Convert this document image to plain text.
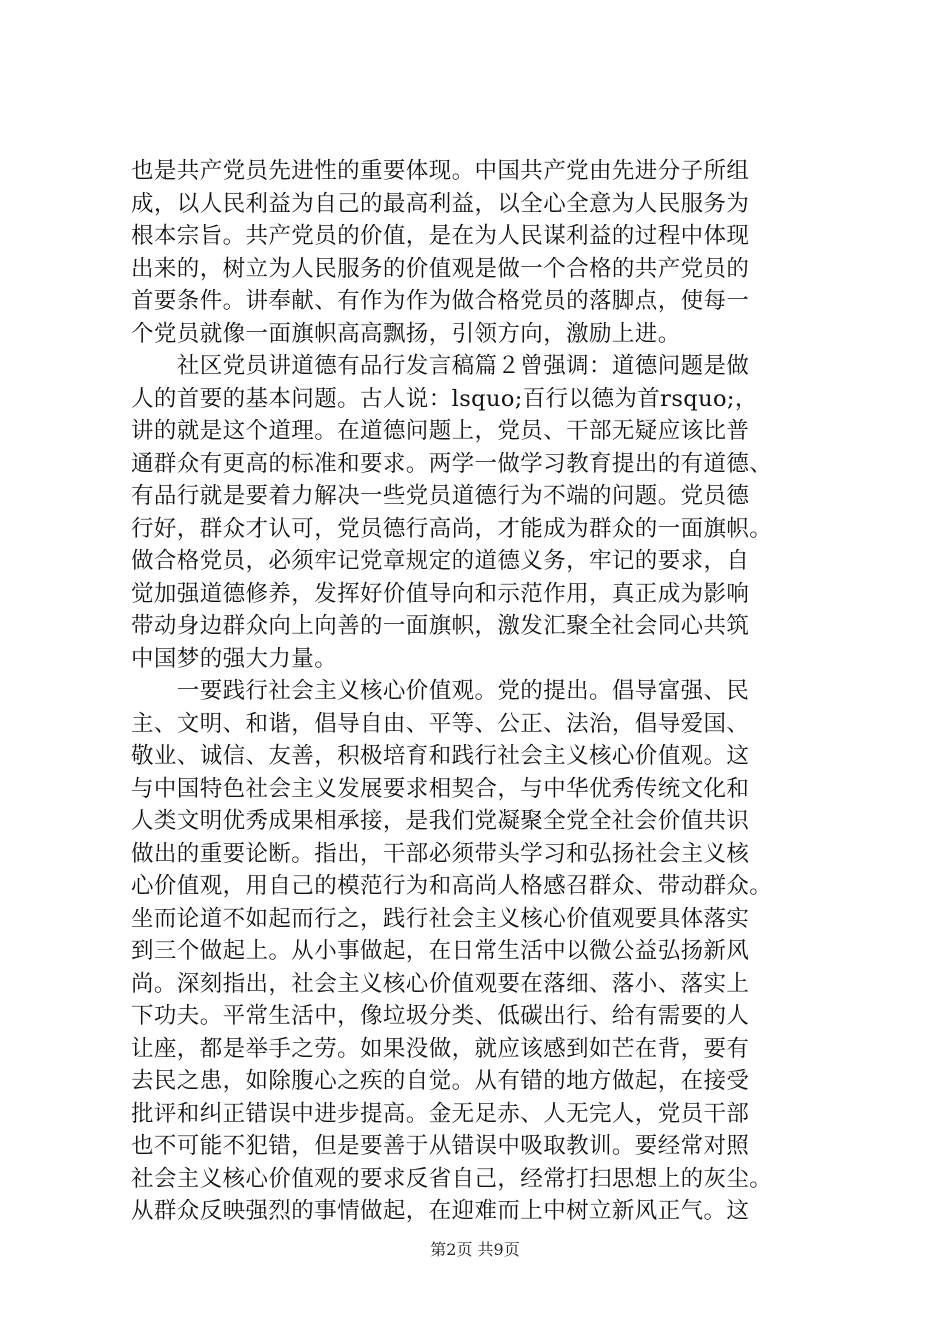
也是共产党员先进性的重要体现。中国共产党由先进分子所组
成，以人民利益为自己的最高利益，以全心全意为人民服务为
根本宗旨。共产党员的价值，是在为人民谋利益的过程中体现
出来的，树立为人民服务的价值观是做一个合格的共产党员的
首要条件。讲奉献、有作为作为做合格党员的落脚点，使每一
个党员就像一面旗帜高高飘扬，引领方向，激励上进。
　　社区党员讲道德有品行发言稿篇２曾强调：道德问题是做
人的首要的基本问题。古人说：lsquo;百行以德为首rsquo;，
讲的就是这个道理。在道德问题上，党员、干部无疑应该比普
通群众有更高的标准和要求。两学一做学习教育提出的有道德、
有品行就是要着力解决一些党员道德行为不端的问题。党员德
行好，群众才认可，党员德行高尚，才能成为群众的一面旗帜。
做合格党员，必须牢记党章规定的道德义务，牢记的要求，自
觉加强道德修养，发挥好价值导向和示范作用，真正成为影响
带动身边群众向上向善的一面旗帜，激发汇聚全社会同心共筑
中国梦的强大力量。
　　一要践行社会主义核心价值观。党的提出。倡导富强、民
主、文明、和谐，倡导自由、平等、公正、法治，倡导爱国、
敬业、诚信、友善，积极培育和践行社会主义核心价值观。这
与中国特色社会主义发展要求相契合，与中华优秀传统文化和
人类文明优秀成果相承接，是我们党凝聚全党全社会价值共识
做出的重要论断。指出，干部必须带头学习和弘扬社会主义核
心价值观，用自己的模范行为和高尚人格感召群众、带动群众。
坐而论道不如起而行之，践行社会主义核心价值观要具体落实
到三个做起上。从小事做起，在日常生活中以微公益弘扬新风
尚。深刻指出，社会主义核心价值观要在落细、落小、落实上
下功夫。平常生活中，像垃圾分类、低碳出行、给有需要的人
让座，都是举手之劳。如果没做，就应该感到如芒在背，要有
去民之患，如除腹心之疾的自觉。从有错的地方做起，在接受
批评和纠正错误中进步提高。金无足赤、人无完人，党员干部
也不可能不犯错，但是要善于从错误中吸取教训。要经常对照
社会主义核心价值观的要求反省自己，经常打扫思想上的灰尘。
从群众反映强烈的事情做起，在迎难而上中树立新风正气。这
第2页 共9页
